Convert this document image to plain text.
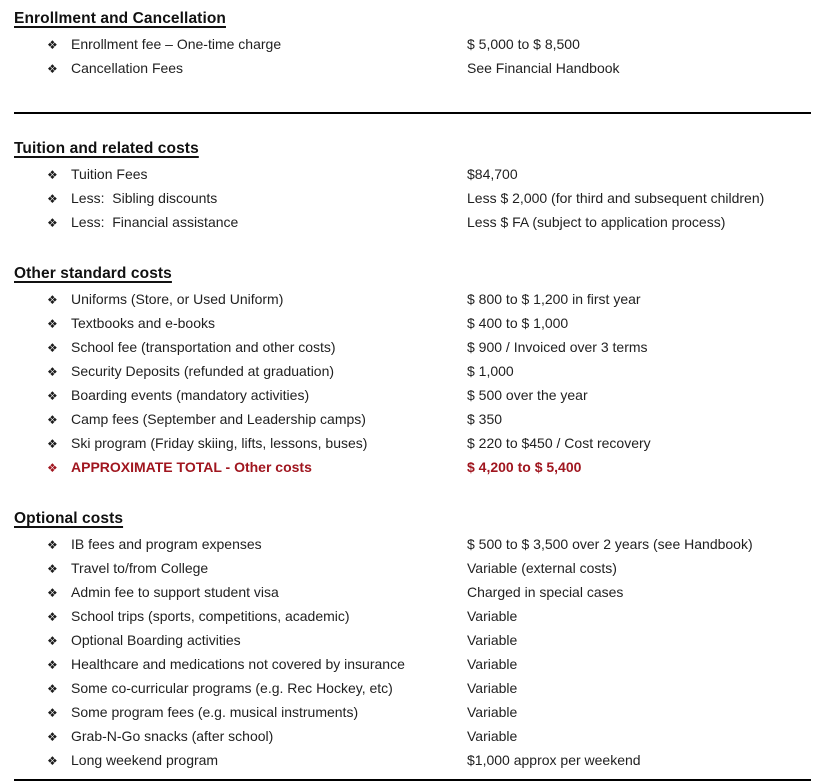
Enrollment and Cancellation
❖ Enrollment fee – One-time charge	$ 5,000 to $ 8,500
❖ Cancellation Fees	See Financial Handbook
Tuition and related costs
❖ Tuition Fees	$84,700
❖ Less:  Sibling discounts	Less $ 2,000 (for third and subsequent children)
❖ Less:  Financial assistance	Less $ FA (subject to application process)
Other standard costs
❖ Uniforms (Store, or Used Uniform)	$ 800 to $ 1,200 in first year
❖ Textbooks and e-books	$ 400 to $ 1,000
❖ School fee (transportation and other costs)	$ 900 / Invoiced over 3 terms
❖ Security Deposits (refunded at graduation)	$ 1,000
❖ Boarding events (mandatory activities)	$ 500 over the year
❖ Camp fees (September and Leadership camps)	$ 350
❖ Ski program (Friday skiing, lifts, lessons, buses)	$ 220 to $450 / Cost recovery
❖ APPROXIMATE TOTAL - Other costs	$ 4,200 to $ 5,400
Optional costs
❖ IB fees and program expenses	$ 500 to $ 3,500 over 2 years (see Handbook)
❖ Travel to/from College	Variable (external costs)
❖ Admin fee to support student visa	Charged in special cases
❖ School trips (sports, competitions, academic)	Variable
❖ Optional Boarding activities	Variable
❖ Healthcare and medications not covered by insurance	Variable
❖ Some co-curricular programs (e.g. Rec Hockey, etc)	Variable
❖ Some program fees (e.g. musical instruments)	Variable
❖ Grab-N-Go snacks (after school)	Variable
❖ Long weekend program	$1,000 approx per weekend
